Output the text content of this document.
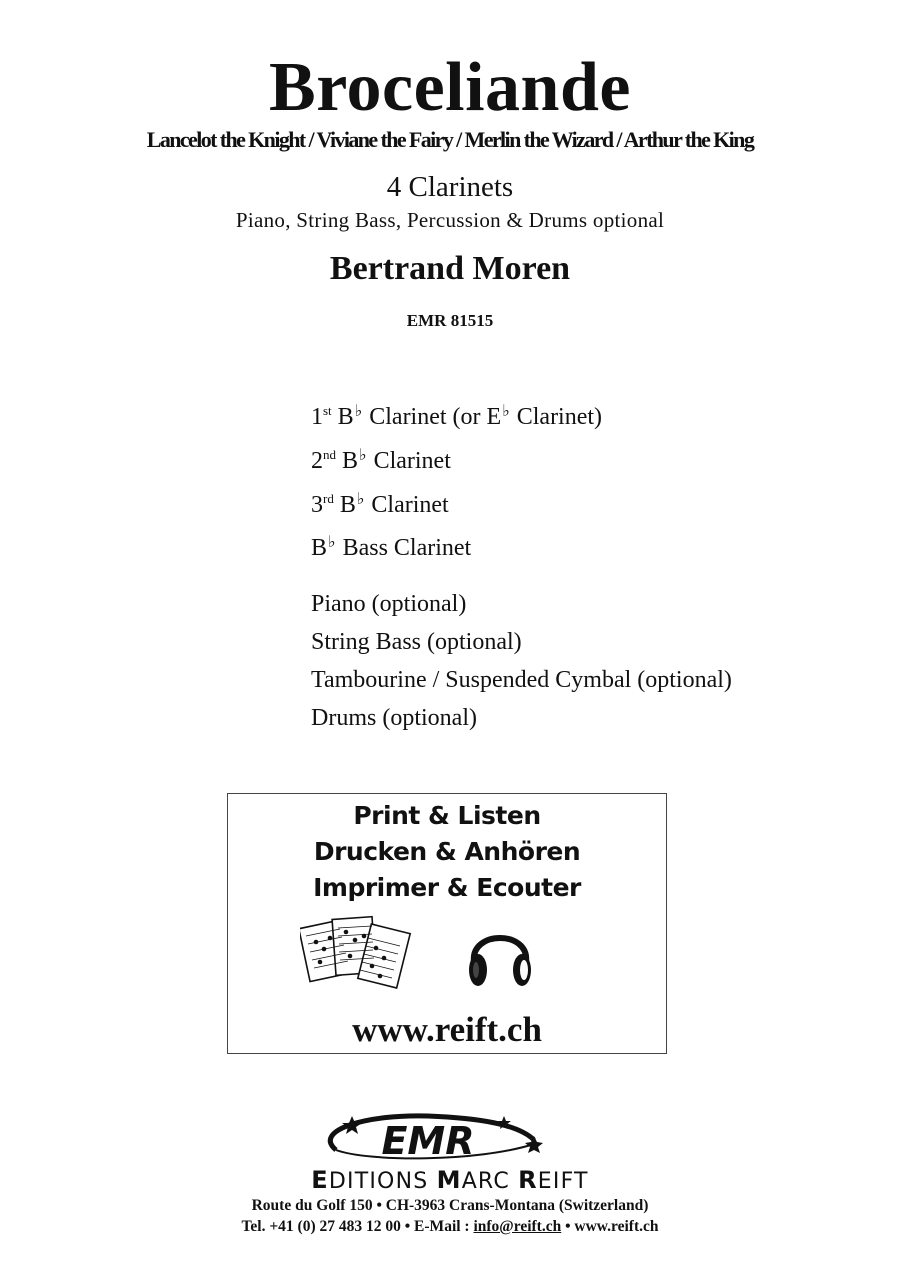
Broceliande
Lancelot the Knight / Viviane the Fairy / Merlin the Wizard / Arthur the King
4 Clarinets
Piano, String Bass, Percussion & Drums optional
Bertrand Moren
EMR 81515
1st B♭ Clarinet (or E♭ Clarinet)
2nd B♭ Clarinet
3rd B♭ Clarinet
B♭ Bass Clarinet
Piano (optional)
String Bass (optional)
Tambourine / Suspended Cymbal (optional)
Drums (optional)
Print & Listen
Drucken & Anhören
Imprimer & Ecouter
www.reift.ch
EMR
EDITIONS MARC REIFT
Route du Golf 150 • CH-3963 Crans-Montana (Switzerland)
Tel. +41 (0) 27 483 12 00 • E-Mail : info@reift.ch • www.reift.ch
